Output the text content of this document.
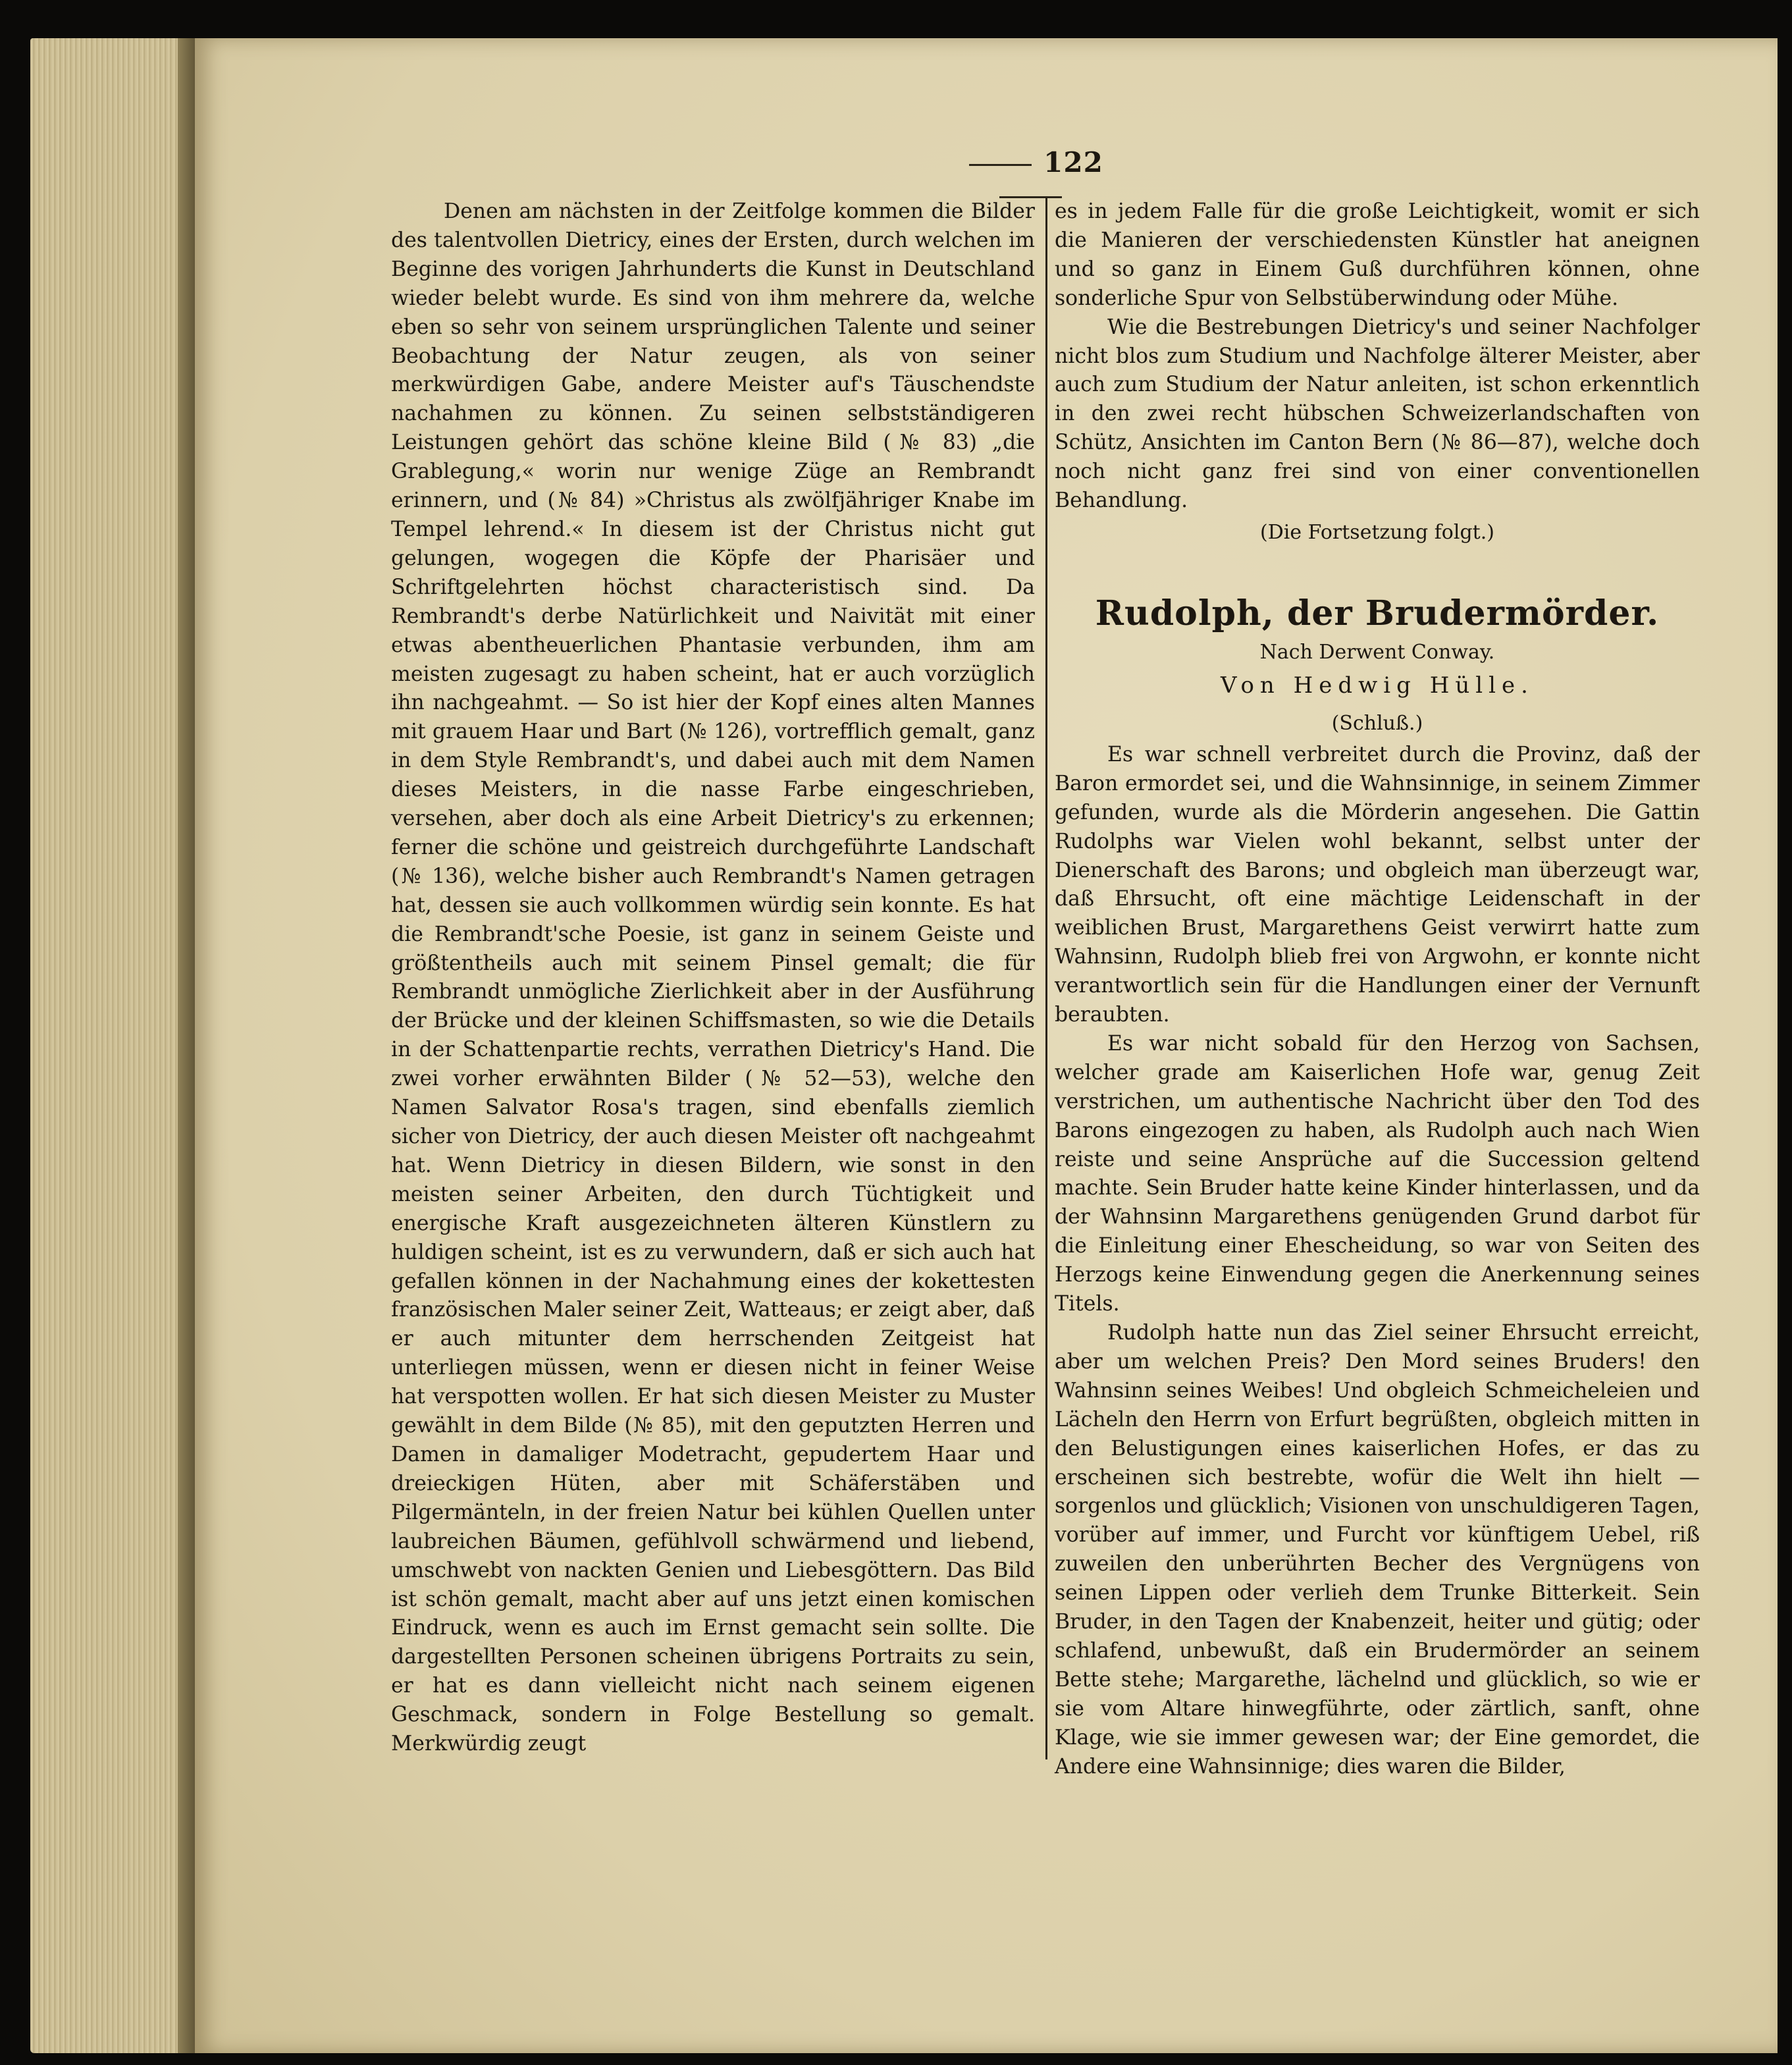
122

Denen am nächsten in der Zeitfolge kommen die Bilder des talentvollen Dietricy, eines der Ersten, durch welchen im Beginne des vorigen Jahrhunderts die Kunst in Deutschland wieder belebt wurde. Es sind von ihm mehrere da, welche eben so sehr von seinem ursprünglichen Talente und seiner Beobachtung der Natur zeugen, als von seiner merkwürdigen Gabe, andere Meister auf's Täuschendste nachahmen zu können. Zu seinen selbstständigeren Leistungen gehört das schöne kleine Bild (№ 83) „die Grablegung,« worin nur wenige Züge an Rembrandt erinnern, und (№ 84) »Christus als zwölfjähriger Knabe im Tempel lehrend.« In diesem ist der Christus nicht gut gelungen, wogegen die Köpfe der Pharisäer und Schriftgelehrten höchst characteristisch sind. Da Rembrandt's derbe Natürlichkeit und Naivität mit einer etwas abentheuerlichen Phantasie verbunden, ihm am meisten zugesagt zu haben scheint, hat er auch vorzüglich ihn nachgeahmt. — So ist hier der Kopf eines alten Mannes mit grauem Haar und Bart (№ 126), vortrefflich gemalt, ganz in dem Style Rembrandt's, und dabei auch mit dem Namen dieses Meisters, in die nasse Farbe eingeschrieben, versehen, aber doch als eine Arbeit Dietricy's zu erkennen; ferner die schöne und geistreich durchgeführte Landschaft (№ 136), welche bisher auch Rembrandt's Namen getragen hat, dessen sie auch vollkommen würdig sein konnte. Es hat die Rembrandt'sche Poesie, ist ganz in seinem Geiste und größtentheils auch mit seinem Pinsel gemalt; die für Rembrandt unmögliche Zierlichkeit aber in der Ausführung der Brücke und der kleinen Schiffsmasten, so wie die Details in der Schattenpartie rechts, verrathen Dietricy's Hand. Die zwei vorher erwähnten Bilder (№ 52—53), welche den Namen Salvator Rosa's tragen, sind ebenfalls ziemlich sicher von Dietricy, der auch diesen Meister oft nachgeahmt hat. Wenn Dietricy in diesen Bildern, wie sonst in den meisten seiner Arbeiten, den durch Tüchtigkeit und energische Kraft ausgezeichneten älteren Künstlern zu huldigen scheint, ist es zu verwundern, daß er sich auch hat gefallen können in der Nachahmung eines der kokettesten französischen Maler seiner Zeit, Watteaus; er zeigt aber, daß er auch mitunter dem herrschenden Zeitgeist hat unterliegen müssen, wenn er diesen nicht in feiner Weise hat verspotten wollen. Er hat sich diesen Meister zu Muster gewählt in dem Bilde (№ 85), mit den geputzten Herren und Damen in damaliger Modetracht, gepudertem Haar und dreieckigen Hüten, aber mit Schäferstäben und Pilgermänteln, in der freien Natur bei kühlen Quellen unter laubreichen Bäumen, gefühlvoll schwärmend und liebend, umschwebt von nackten Genien und Liebesgöttern. Das Bild ist schön gemalt, macht aber auf uns jetzt einen komischen Eindruck, wenn es auch im Ernst gemacht sein sollte. Die dargestellten Personen scheinen übrigens Portraits zu sein, er hat es dann vielleicht nicht nach seinem eigenen Geschmack, sondern in Folge Bestellung so gemalt. Merkwürdig zeugt

es in jedem Falle für die große Leichtigkeit, womit er sich die Manieren der verschiedensten Künstler hat aneignen und so ganz in Einem Guß durchführen können, ohne sonderliche Spur von Selbstüberwindung oder Mühe.

Wie die Bestrebungen Dietricy's und seiner Nachfolger nicht blos zum Studium und Nachfolge älterer Meister, aber auch zum Studium der Natur anleiten, ist schon erkenntlich in den zwei recht hübschen Schweizerlandschaften von Schütz, Ansichten im Canton Bern (№ 86—87), welche doch noch nicht ganz frei sind von einer conventionellen Behandlung.

(Die Fortsetzung folgt.)
Rudolph, der Brudermörder.
Nach Derwent Conway.
Von Hedwig Hülle.
(Schluß.)

Es war schnell verbreitet durch die Provinz, daß der Baron ermordet sei, und die Wahnsinnige, in seinem Zimmer gefunden, wurde als die Mörderin angesehen. Die Gattin Rudolphs war Vielen wohl bekannt, selbst unter der Dienerschaft des Barons; und obgleich man überzeugt war, daß Ehrsucht, oft eine mächtige Leidenschaft in der weiblichen Brust, Margarethens Geist verwirrt hatte zum Wahnsinn, Rudolph blieb frei von Argwohn, er konnte nicht verantwortlich sein für die Handlungen einer der Vernunft beraubten.

Es war nicht sobald für den Herzog von Sachsen, welcher grade am Kaiserlichen Hofe war, genug Zeit verstrichen, um authentische Nachricht über den Tod des Barons eingezogen zu haben, als Rudolph auch nach Wien reiste und seine Ansprüche auf die Succession geltend machte. Sein Bruder hatte keine Kinder hinterlassen, und da der Wahnsinn Margarethens genügenden Grund darbot für die Einleitung einer Ehescheidung, so war von Seiten des Herzogs keine Einwendung gegen die Anerkennung seines Titels.

Rudolph hatte nun das Ziel seiner Ehrsucht erreicht, aber um welchen Preis? Den Mord seines Bruders! den Wahnsinn seines Weibes! Und obgleich Schmeicheleien und Lächeln den Herrn von Erfurt begrüßten, obgleich mitten in den Belustigungen eines kaiserlichen Hofes, er das zu erscheinen sich bestrebte, wofür die Welt ihn hielt — sorgenlos und glücklich; Visionen von unschuldigeren Tagen, vorüber auf immer, und Furcht vor künftigem Uebel, riß zuweilen den unberührten Becher des Vergnügens von seinen Lippen oder verlieh dem Trunke Bitterkeit. Sein Bruder, in den Tagen der Knabenzeit, heiter und gütig; oder schlafend, unbewußt, daß ein Brudermörder an seinem Bette stehe; Margarethe, lächelnd und glücklich, so wie er sie vom Altare hinwegführte, oder zärtlich, sanft, ohne Klage, wie sie immer gewesen war; der Eine gemordet, die Andere eine Wahnsinnige; dies waren die Bilder,
